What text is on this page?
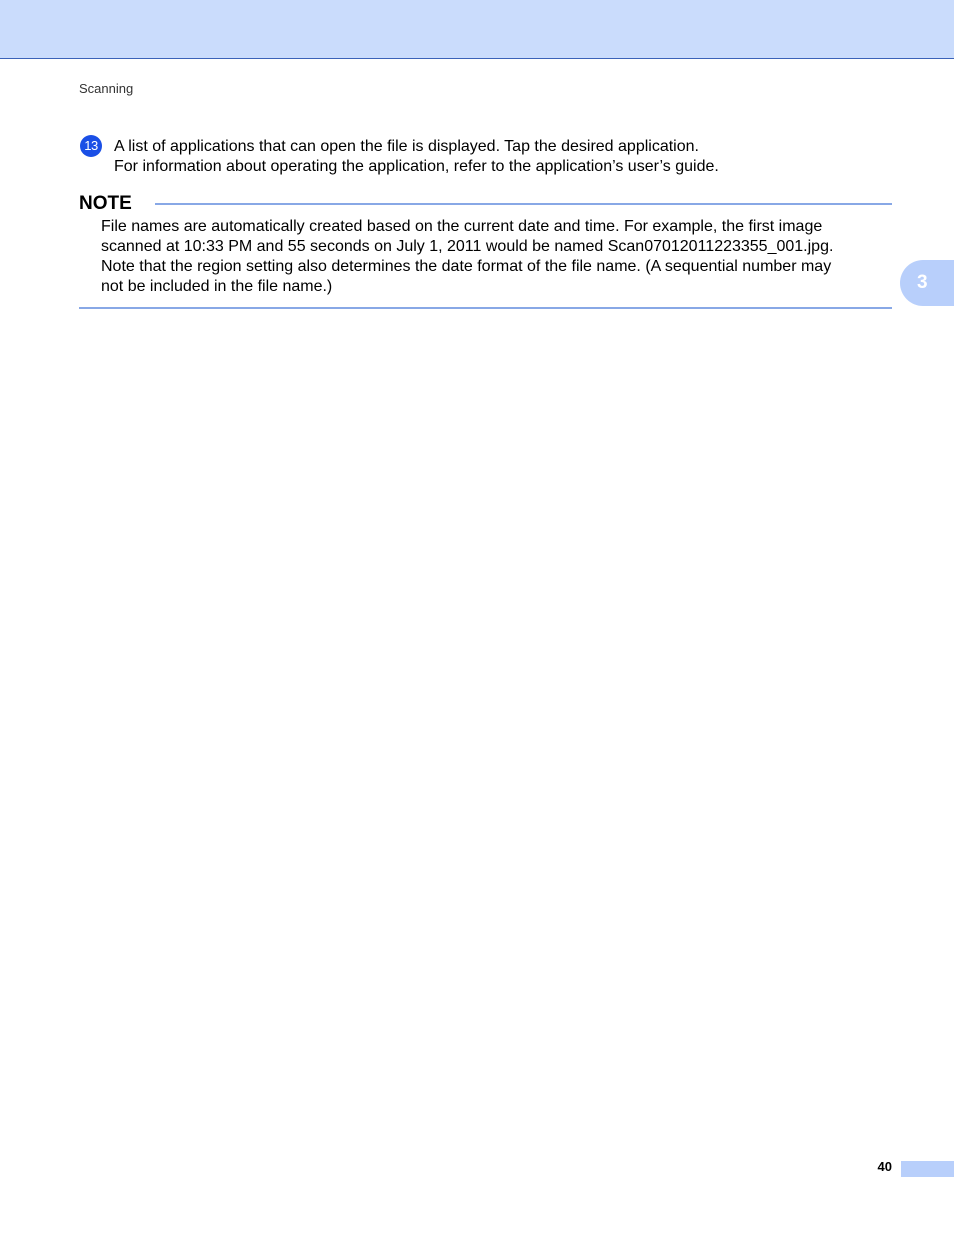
Scanning
13 A list of applications that can open the file is displayed. Tap the desired application.

For information about operating the application, refer to the application’s user’s guide.

NOTE

File names are automatically created based on the current date and time. For example, the first image

scanned at 10:33 PM and 55 seconds on July 1, 2011 would be named Scan07012011223355_001.jpg.

Note that the region setting also determines the date format of the file name. (A sequential number may

not be included in the file name.)	3
40
